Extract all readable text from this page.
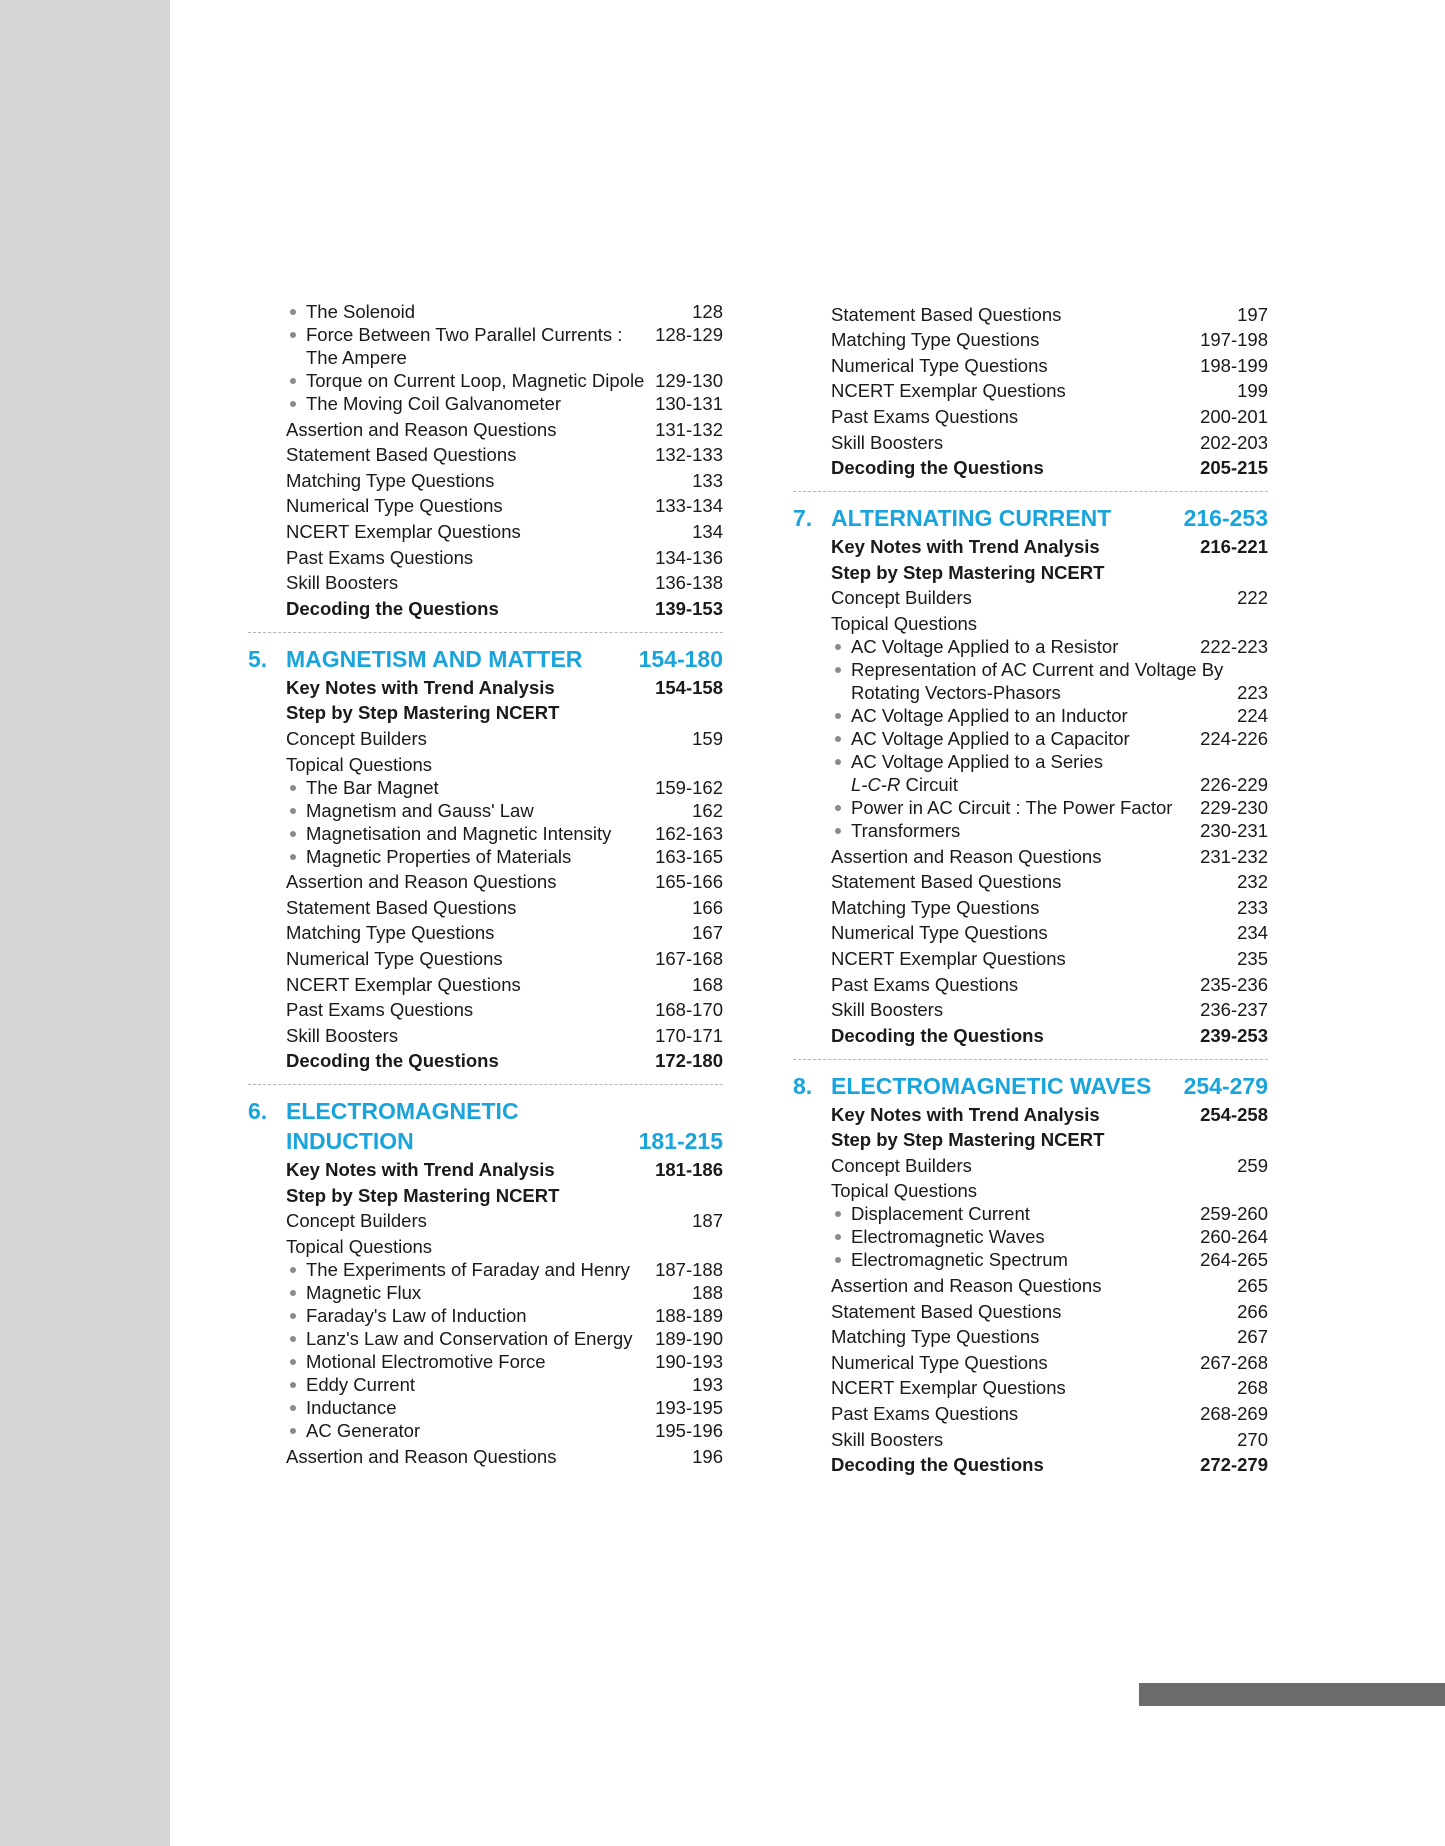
The Solenoid	128
Force Between Two Parallel Currents :	128-129
The Ampere
Torque on Current Loop, Magnetic Dipole 129-130
The Moving Coil Galvanometer	130-131
Assertion and Reason Questions	131-132
Statement Based Questions	132-133
Matching Type Questions	133
Numerical Type Questions	133-134
NCERT Exemplar Questions	134
Past Exams Questions	134-136
Skill Boosters	136-138
Decoding the Questions	139-153
5. MAGNETISM AND MATTER 154-180
Key Notes with Trend Analysis	154-158
Step by Step Mastering NCERT
Concept Builders	159
Topical Questions
The Bar Magnet	159-162
Magnetism and Gauss' Law	162
Magnetisation and Magnetic Intensity	162-163
Magnetic Properties of Materials	163-165
Assertion and Reason Questions	165-166
Statement Based Questions	166
Matching Type Questions	167
Numerical Type Questions	167-168
NCERT Exemplar Questions	168
Past Exams Questions	168-170
Skill Boosters	170-171
Decoding the Questions	172-180
6. ELECTROMAGNETIC
INDUCTION	181-215
Key Notes with Trend Analysis	181-186
Step by Step Mastering NCERT
Concept Builders	187
Topical Questions
The Experiments of Faraday and Henry	187-188
Magnetic Flux	188
Faraday's Law of Induction	188-189
Lanz's Law and Conservation of Energy	189-190
Motional Electromotive Force	190-193
Eddy Current	193
Inductance	193-195
AC Generator	195-196
Assertion and Reason Questions	196
Statement Based Questions	197
Matching Type Questions	197-198
Numerical Type Questions	198-199
NCERT Exemplar Questions	199
Past Exams Questions	200-201
Skill Boosters	202-203
Decoding the Questions	205-215
7. ALTERNATING CURRENT	216-253
Key Notes with Trend Analysis	216-221
Step by Step Mastering NCERT
Concept Builders	222
Topical Questions
AC Voltage Applied to a Resistor	222-223
Representation of AC Current and Voltage By
Rotating Vectors-Phasors	223
AC Voltage Applied to an Inductor	224
AC Voltage Applied to a Capacitor	224-226
AC Voltage Applied to a Series
L-C-R Circuit	226-229
Power in AC Circuit : The Power Factor	229-230
Transformers	230-231
Assertion and Reason Questions	231-232
Statement Based Questions	232
Matching Type Questions	233
Numerical Type Questions	234
NCERT Exemplar Questions	235
Past Exams Questions	235-236
Skill Boosters	236-237
Decoding the Questions	239-253
8. ELECTROMAGNETIC WAVES 254-279
Key Notes with Trend Analysis	254-258
Step by Step Mastering NCERT
Concept Builders	259
Topical Questions
Displacement Current	259-260
Electromagnetic Waves	260-264
Electromagnetic Spectrum	264-265
Assertion and Reason Questions	265
Statement Based Questions	266
Matching Type Questions	267
Numerical Type Questions	267-268
NCERT Exemplar Questions	268
Past Exams Questions	268-269
Skill Boosters	270
Decoding the Questions	272-279
